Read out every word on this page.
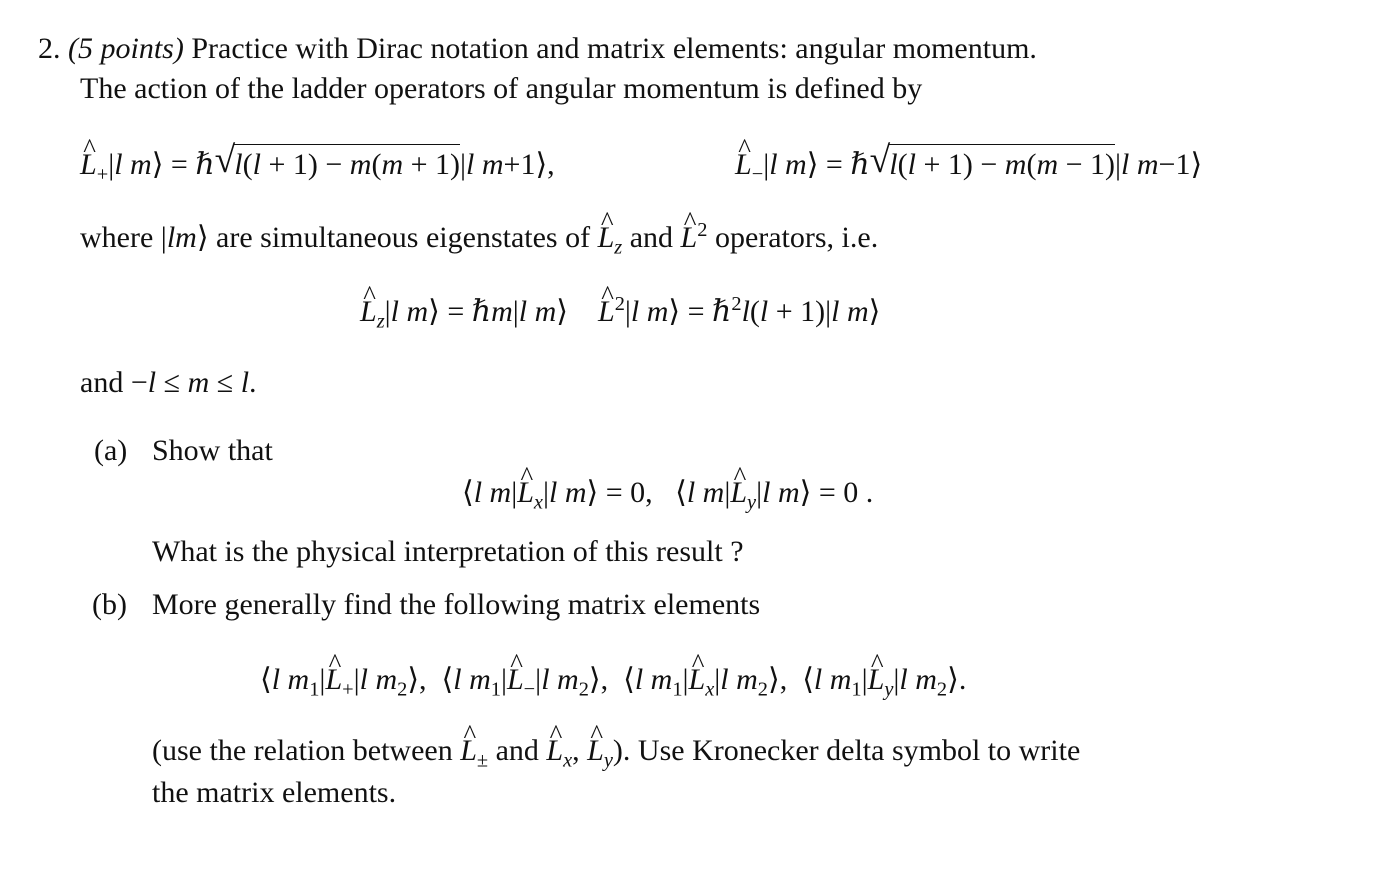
2. (5 points) Practice with Dirac notation and matrix elements: angular momentum.
The action of the ladder operators of angular momentum is defined by
^ $L_+|l$ m⟩ = ℏ √ l(l + 1) − m(m + 1) |l m+1⟩,	^ $L_-|l$ m⟩ = ℏ √ l(l + 1) − m(m − 1) |l m−1⟩
where |lm⟩ are simultaneous eigenstates of ^ $L_z$ and ^ $L^2$ operators, i.e.
^ $L_z|l$ m⟩ = ℏm|l m⟩    ^ $L^2|l$ m⟩ = ℏ$^2$l(l + 1)|l m⟩
and −l ≤ m ≤ l.
(a) Show that
⟨l m|^ $L_x|l$ m⟩ = 0,   ⟨l m|^ $L_y|l$ m⟩ = 0 .
What is the physical interpretation of this result ?
(b) More generally find the following matrix elements
⟨l $m_1|\^{}$ $L_+|l$ $m_2⟩$,  ⟨l $m_1|\^{}$ $L_-|l$ $m_2⟩$,  ⟨l $m_1|\^{}$ $L_x|l$ $m_2⟩$,  ⟨l $m_1|\^{}$ $L_y|l$ $m_2⟩$.
(use the relation between ^ $L_\pm$ and ^ $L_x$, ^ $L_y$). Use Kronecker delta symbol to write
the matrix elements.
